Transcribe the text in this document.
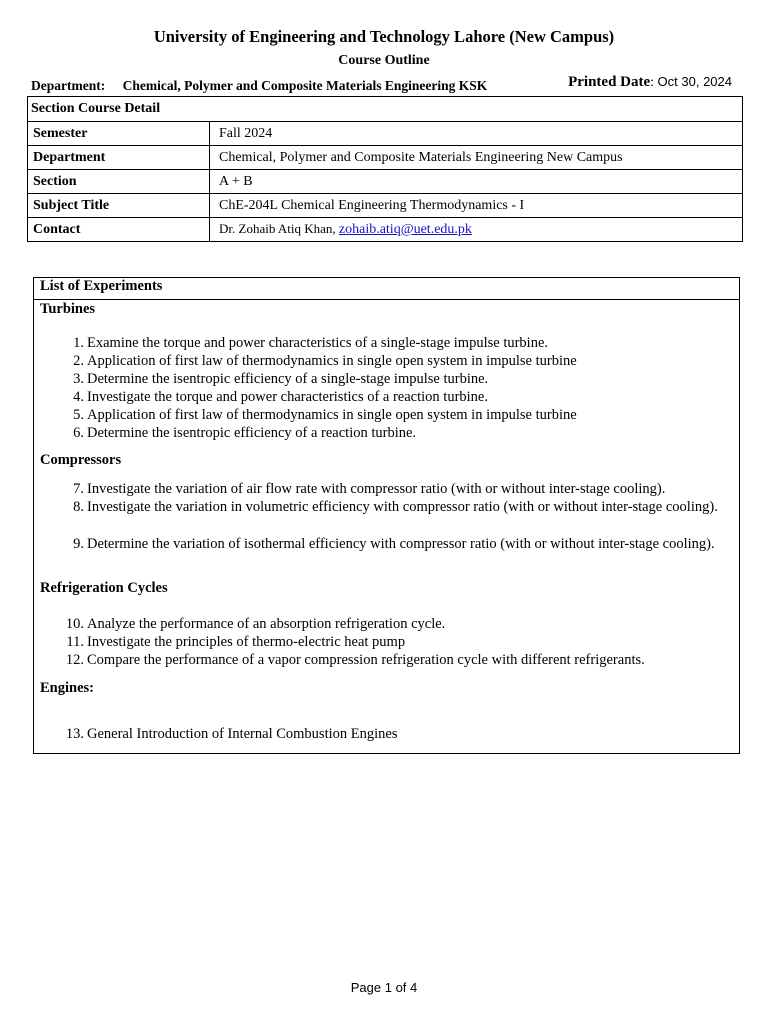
University of Engineering and Technology Lahore (New Campus)
Course Outline
Department: Chemical, Polymer and Composite Materials Engineering KSK	Printed Date: Oct 30, 2024
Section Course Detail	
Semester	Fall 2024
Department	Chemical, Polymer and Composite Materials Engineering New Campus
Section	A + B
Subject Title	ChE-204L Chemical Engineering Thermodynamics - I
Contact	Dr. Zohaib Atiq Khan, zohaib.atiq@uet.edu.pk
List of Experiments
Turbines
1. Examine the torque and power characteristics of a single-stage impulse turbine.
2. Application of first law of thermodynamics in single open system in impulse turbine
3. Determine the isentropic efficiency of a single-stage impulse turbine.
4. Investigate the torque and power characteristics of a reaction turbine.
5. Application of first law of thermodynamics in single open system in impulse turbine
6. Determine the isentropic efficiency of a reaction turbine.
Compressors
7. Investigate the variation of air flow rate with compressor ratio (with or without inter-stage cooling).
8. Investigate the variation in volumetric efficiency with compressor ratio (with or without inter-stage cooling).
9. Determine the variation of isothermal efficiency with compressor ratio (with or without inter-stage cooling).
Refrigeration Cycles
10. Analyze the performance of an absorption refrigeration cycle.
11. Investigate the principles of thermo-electric heat pump
12. Compare the performance of a vapor compression refrigeration cycle with different refrigerants.
Engines:
13. General Introduction of Internal Combustion Engines
Page 1 of 4
